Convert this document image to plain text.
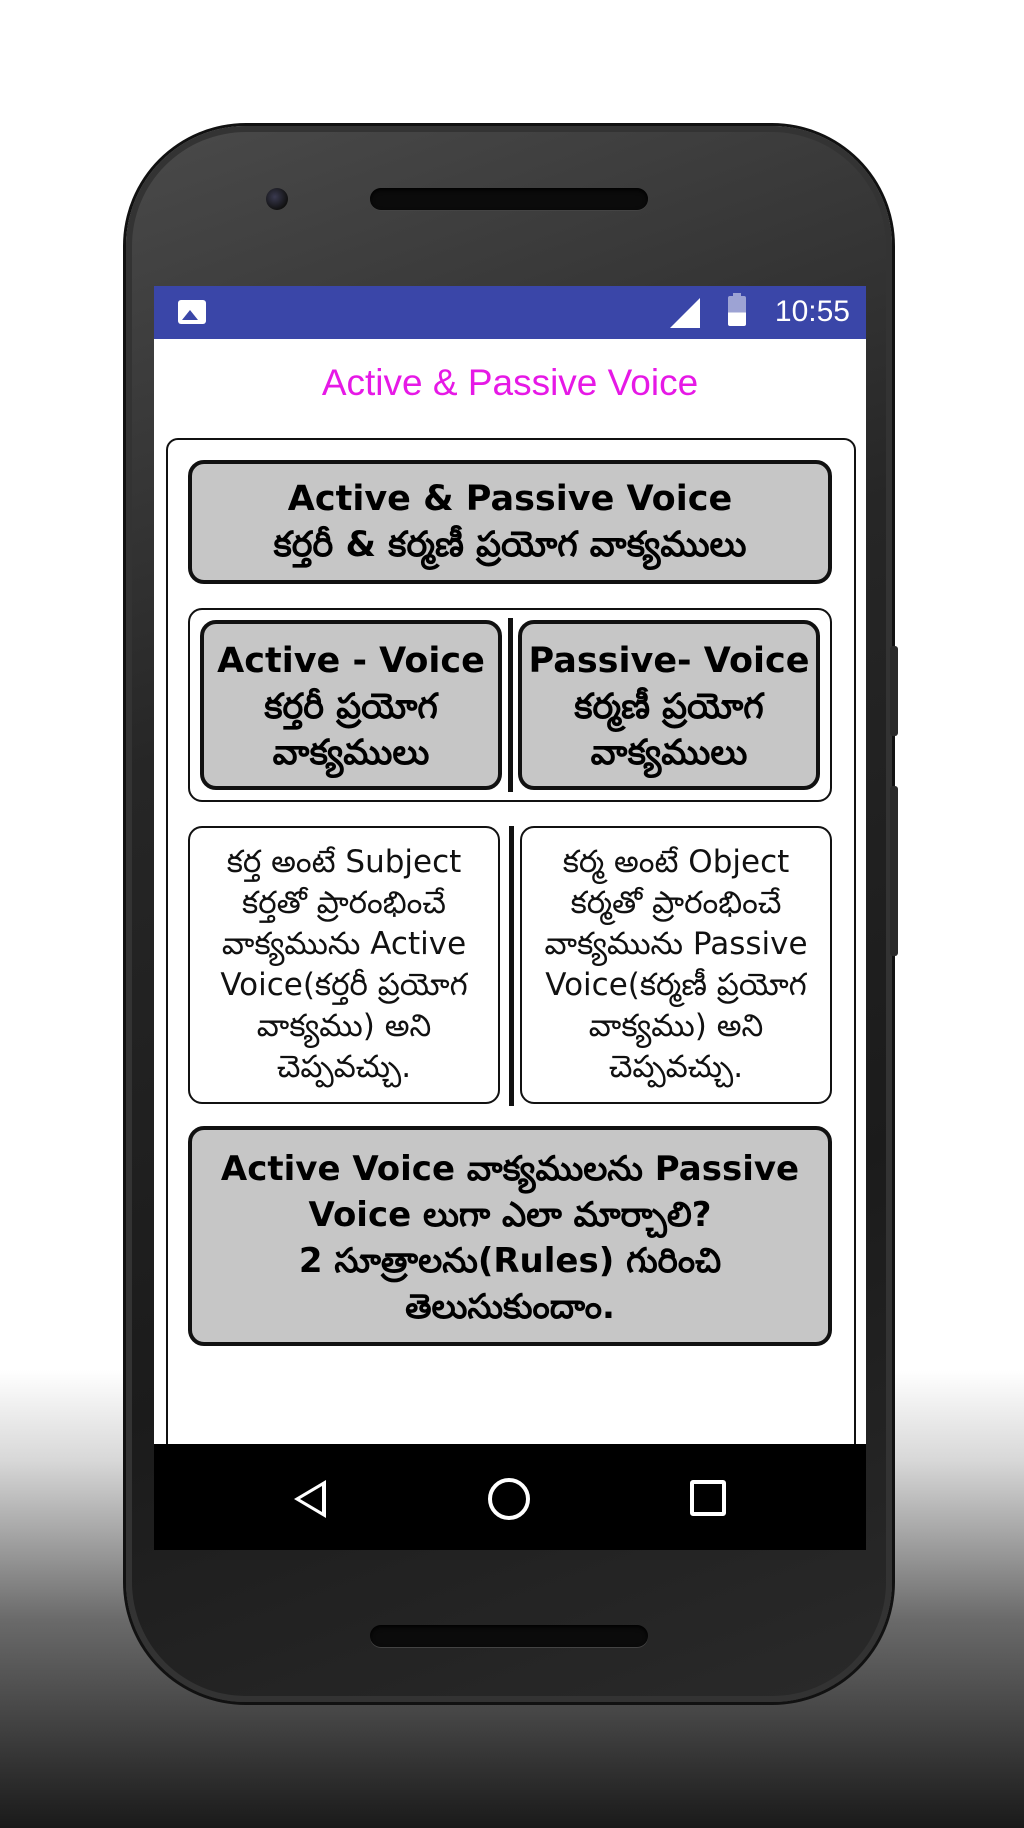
10:55
Active & Passive Voice
Active & Passive Voice
కర్తరీ & కర్మణీ ప్రయోగ వాక్యములు
Active - Voice
కర్తరీ ప్రయోగ
వాక్యములు
Passive- Voice
కర్మణీ ప్రయోగ
వాక్యములు
కర్త అంటే Subject
కర్తతో ప్రారంభించే
వాక్యమును Active
Voice(కర్తరీ ప్రయోగ
వాక్యము) అని
చెప్పవచ్చు.
కర్మ అంటే Object
కర్మతో ప్రారంభించే
వాక్యమును Passive
Voice(కర్మణీ ప్రయోగ
వాక్యము) అని
చెప్పవచ్చు.
Active Voice వాక్యములను Passive
Voice లుగా ఎలా మార్చాలి?
2 సూత్రాలను(Rules) గురించి
తెలుసుకుందాం.
